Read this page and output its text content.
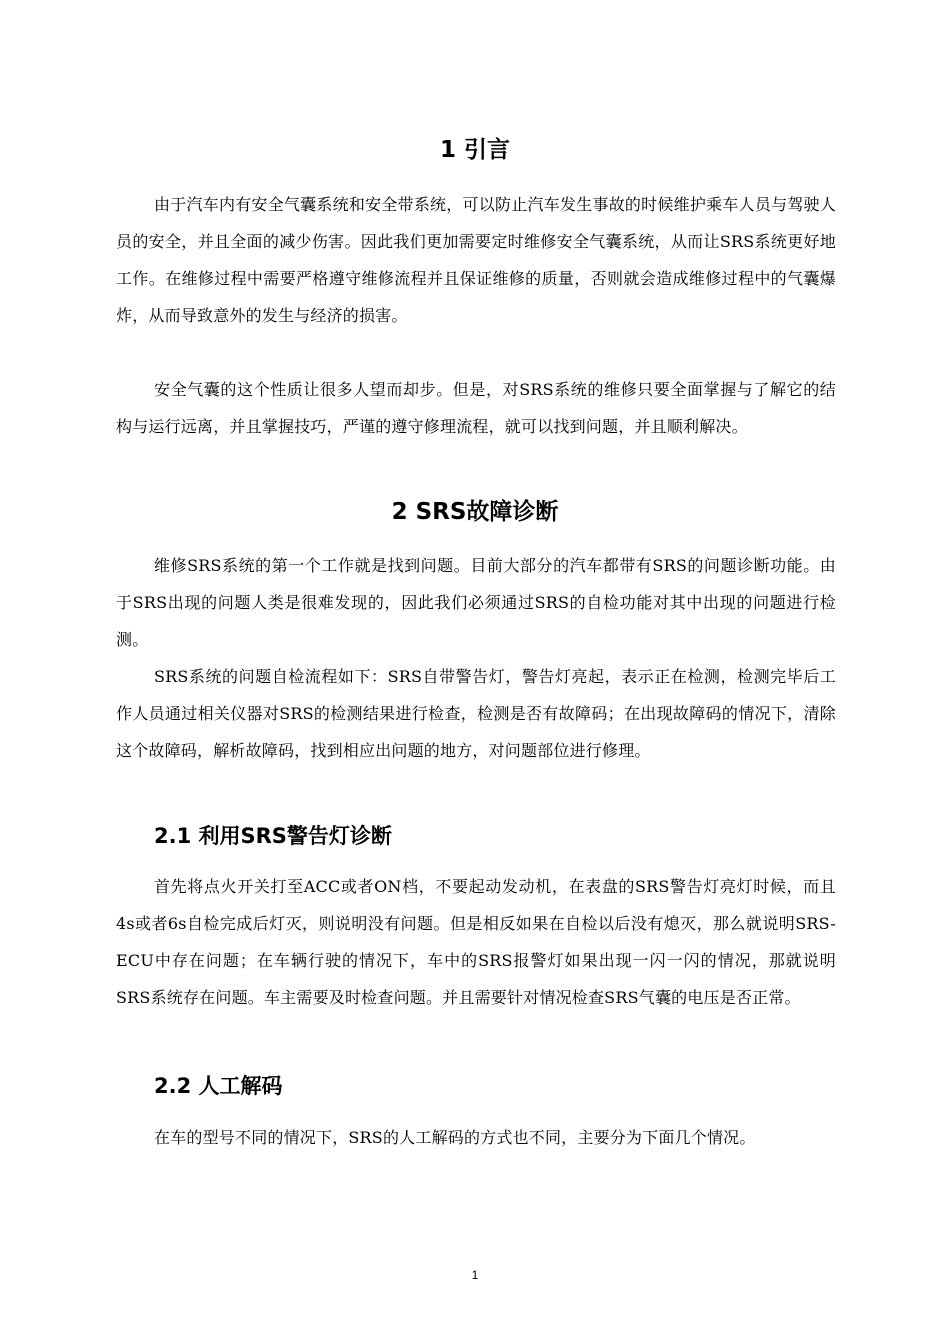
1 引言

由于汽车内有安全气囊系统和安全带系统，可以防止汽车发生事故的时候维护乘车人员与驾驶人员的安全，并且全面的减少伤害。因此我们更加需要定时维修安全气囊系统，从而让SRS系统更好地工作。在维修过程中需要严格遵守维修流程并且保证维修的质量，否则就会造成维修过程中的气囊爆炸，从而导致意外的发生与经济的损害。

安全气囊的这个性质让很多人望而却步。但是，对SRS系统的维修只要全面掌握与了解它的结构与运行远离，并且掌握技巧，严谨的遵守修理流程，就可以找到问题，并且顺利解决。

2 SRS故障诊断

维修SRS系统的第一个工作就是找到问题。目前大部分的汽车都带有SRS的问题诊断功能。由于SRS出现的问题人类是很难发现的，因此我们必须通过SRS的自检功能对其中出现的问题进行检测。

SRS系统的问题自检流程如下：SRS自带警告灯，警告灯亮起，表示正在检测，检测完毕后工作人员通过相关仪器对SRS的检测结果进行检查，检测是否有故障码；在出现故障码的情况下，清除这个故障码，解析故障码，找到相应出问题的地方，对问题部位进行修理。

2.1 利用SRS警告灯诊断

首先将点火开关打至ACC或者ON档，不要起动发动机，在表盘的SRS警告灯亮灯时候，而且4s或者6s自检完成后灯灭，则说明没有问题。但是相反如果在自检以后没有熄灭，那么就说明SRS-ECU中存在问题；在车辆行驶的情况下，车中的SRS报警灯如果出现一闪一闪的情况，那就说明SRS系统存在问题。车主需要及时检查问题。并且需要针对情况检查SRS气囊的电压是否正常。

2.2 人工解码

在车的型号不同的情况下，SRS的人工解码的方式也不同，主要分为下面几个情况。

1
